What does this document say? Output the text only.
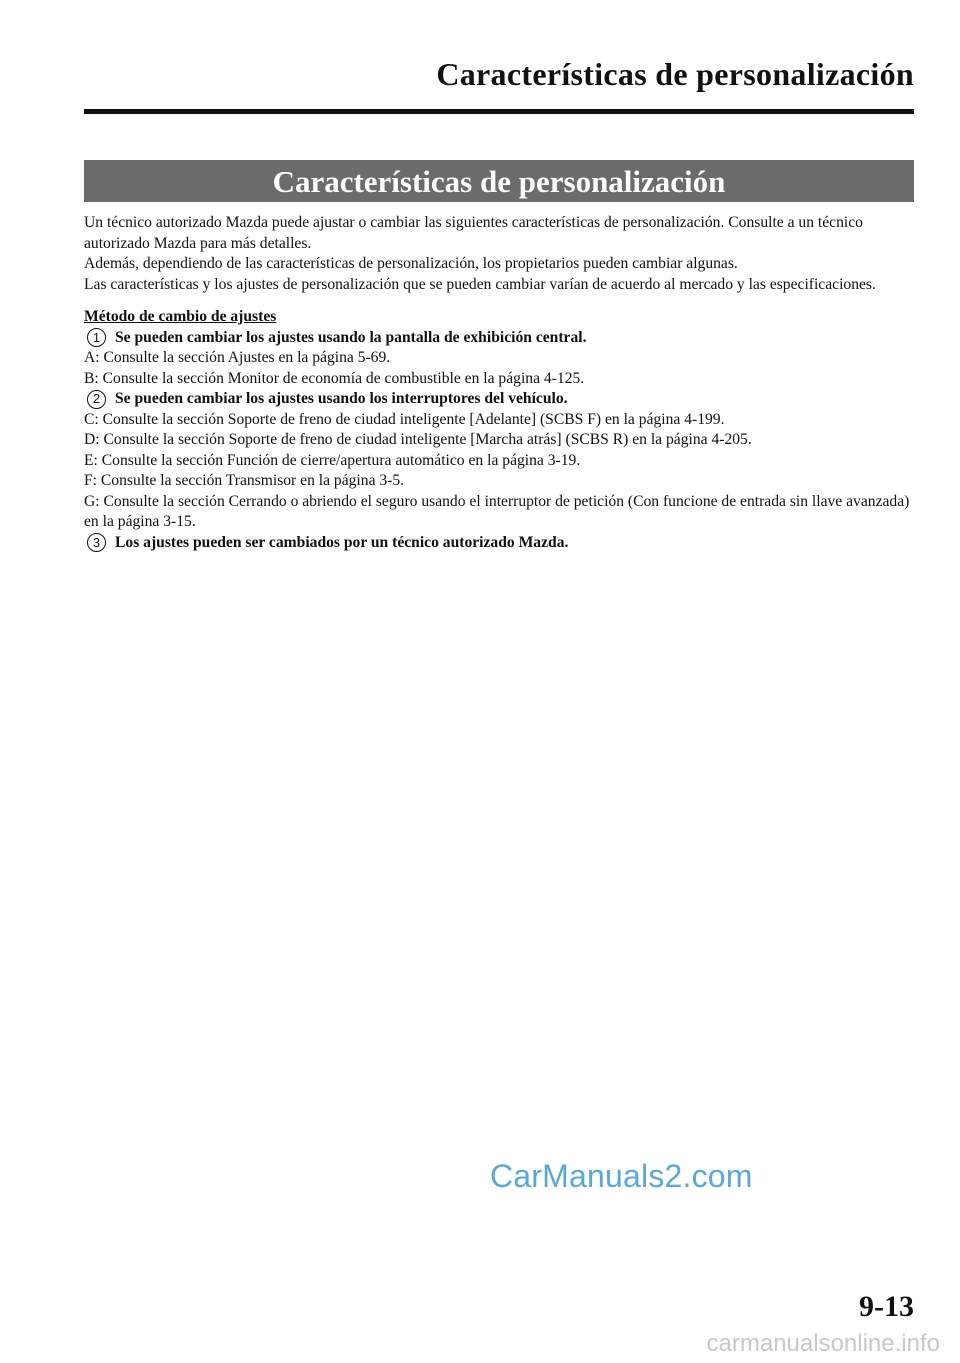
Características de personalización
Características de personalización

Un técnico autorizado Mazda puede ajustar o cambiar las siguientes características de personalización. Consulte a un técnico autorizado Mazda para más detalles.

Además, dependiendo de las características de personalización, los propietarios pueden cambiar algunas.

Las características y los ajustes de personalización que se pueden cambiar varían de acuerdo al mercado y las especificaciones.

Método de cambio de ajustes

1 Se pueden cambiar los ajustes usando la pantalla de exhibición central.

A: Consulte la sección Ajustes en la página 5-69.

B: Consulte la sección Monitor de economía de combustible en la página 4-125.

2 Se pueden cambiar los ajustes usando los interruptores del vehículo.

C: Consulte la sección Soporte de freno de ciudad inteligente [Adelante] (SCBS F) en la página 4-199.

D: Consulte la sección Soporte de freno de ciudad inteligente [Marcha atrás] (SCBS R) en la página 4-205.

E: Consulte la sección Función de cierre/apertura automático en la página 3-19.

F: Consulte la sección Transmisor en la página 3-5.

G: Consulte la sección Cerrando o abriendo el seguro usando el interruptor de petición (Con funcione de entrada sin llave avanzada) en la página 3-15.

3 Los ajustes pueden ser cambiados por un técnico autorizado Mazda.

CarManuals2.com
9-13
carmanualsonline.info
